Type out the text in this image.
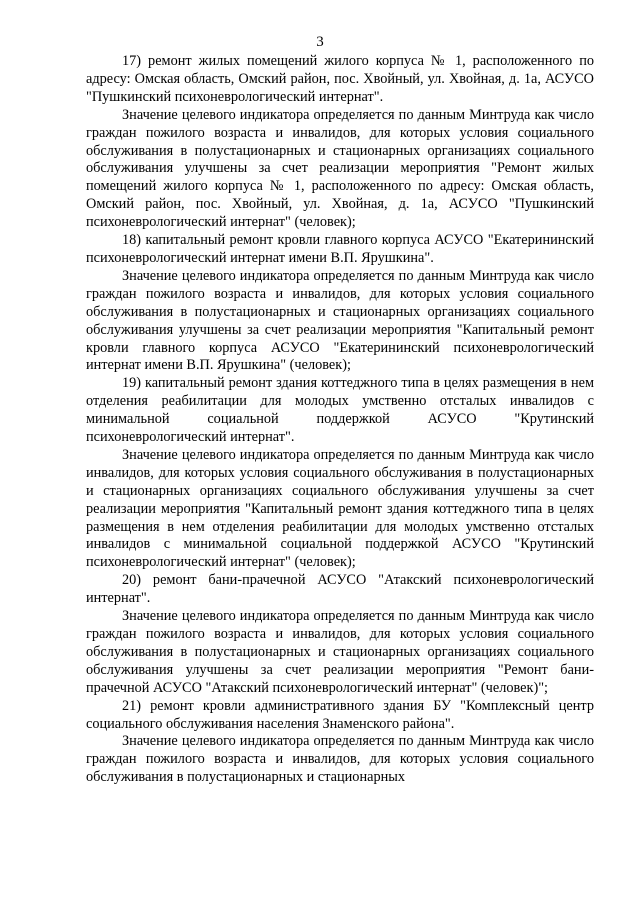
3

17) ремонт жилых помещений жилого корпуса № 1, расположенного по адресу: Омская область, Омский район, пос. Хвойный, ул. Хвойная, д. 1а, АСУСО "Пушкинский психоневрологический интернат".

Значение целевого индикатора определяется по данным Минтруда как число граждан пожилого возраста и инвалидов, для которых условия социального обслуживания в полустационарных и стационарных организациях социального обслуживания улучшены за счет реализации мероприятия "Ремонт жилых помещений жилого корпуса № 1, расположенного по адресу: Омская область, Омский район, пос. Хвойный, ул. Хвойная, д. 1а, АСУСО "Пушкинский психоневрологический интернат" (человек);

18) капитальный ремонт кровли главного корпуса АСУСО "Екатерининский психоневрологический интернат имени В.П. Ярушкина".

Значение целевого индикатора определяется по данным Минтруда как число граждан пожилого возраста и инвалидов, для которых условия социального обслуживания в полустационарных и стационарных организациях социального обслуживания улучшены за счет реализации мероприятия "Капитальный ремонт кровли главного корпуса АСУСО "Екатерининский психоневрологический интернат имени В.П. Ярушкина" (человек);

19) капитальный ремонт здания коттеджного типа в целях размещения в нем отделения реабилитации для молодых умственно отсталых инвалидов с минимальной социальной поддержкой АСУСО "Крутинский психоневрологический интернат".

Значение целевого индикатора определяется по данным Минтруда как число инвалидов, для которых условия социального обслуживания в полустационарных и стационарных организациях социального обслуживания улучшены за счет реализации мероприятия "Капитальный ремонт здания коттеджного типа в целях размещения в нем отделения реабилитации для молодых умственно отсталых инвалидов с минимальной социальной поддержкой АСУСО "Крутинский психоневрологический интернат" (человек);

20) ремонт бани-прачечной АСУСО "Атакский психоневрологический интернат".

Значение целевого индикатора определяется по данным Минтруда как число граждан пожилого возраста и инвалидов, для которых условия социального обслуживания в полустационарных и стационарных организациях социального обслуживания улучшены за счет реализации мероприятия "Ремонт бани-прачечной АСУСО "Атакский психоневрологический интернат" (человек)";

21) ремонт кровли административного здания БУ "Комплексный центр социального обслуживания населения Знаменского района".

Значение целевого индикатора определяется по данным Минтруда как число граждан пожилого возраста и инвалидов, для которых условия социального обслуживания в полустационарных и стационарных
